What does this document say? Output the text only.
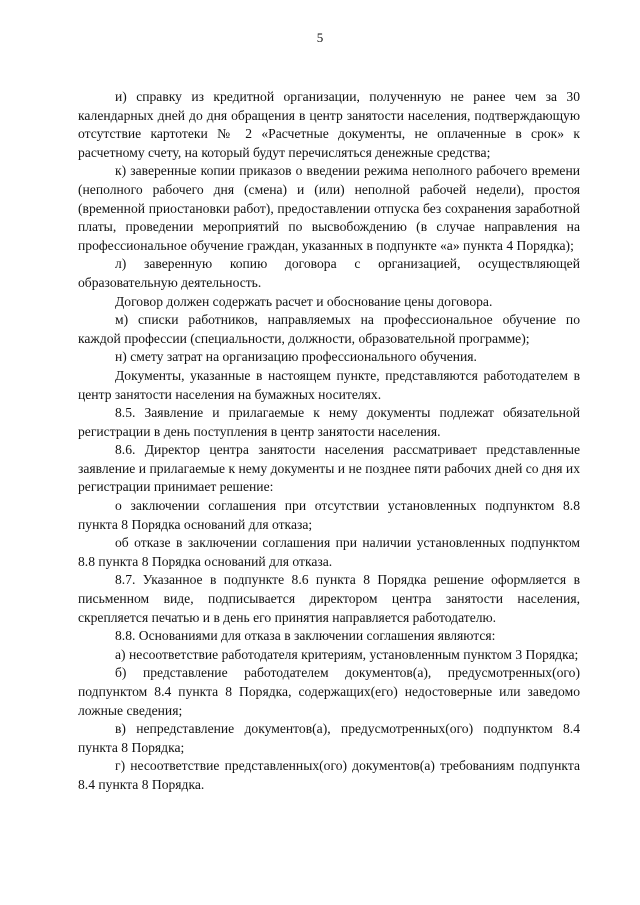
5

и) справку из кредитной организации, полученную не ранее чем за 30 календарных дней до дня обращения в центр занятости населения, подтверждающую отсутствие картотеки № 2 «Расчетные документы, не оплаченные в срок» к расчетному счету, на который будут перечисляться денежные средства;

к) заверенные копии приказов о введении режима неполного рабочего времени (неполного рабочего дня (смена) и (или) неполной рабочей недели), простоя (временной приостановки работ), предоставлении отпуска без сохранения заработной платы, проведении мероприятий по высвобождению (в случае направления на профессиональное обучение граждан, указанных в подпункте «а» пункта 4 Порядка);

л) заверенную копию договора с организацией, осуществляющей образовательную деятельность.

Договор должен содержать расчет и обоснование цены договора.

м) списки работников, направляемых на профессиональное обучение по каждой профессии (специальности, должности, образовательной программе);

н) смету затрат на организацию профессионального обучения.

Документы, указанные в настоящем пункте, представляются работодателем в центр занятости населения на бумажных носителях.

8.5. Заявление и прилагаемые к нему документы подлежат обязательной регистрации в день поступления в центр занятости населения.

8.6. Директор центра занятости населения рассматривает представленные заявление и прилагаемые к нему документы и не позднее пяти рабочих дней со дня их регистрации принимает решение:

о заключении соглашения при отсутствии установленных подпунктом 8.8 пункта 8 Порядка оснований для отказа;

об отказе в заключении соглашения при наличии установленных подпунктом 8.8 пункта 8 Порядка оснований для отказа.

8.7. Указанное в подпункте 8.6 пункта 8 Порядка решение оформляется в письменном виде, подписывается директором центра занятости населения, скрепляется печатью и в день его принятия направляется работодателю.

8.8. Основаниями для отказа в заключении соглашения являются:

а) несоответствие работодателя критериям, установленным пунктом 3 Порядка;

б) представление работодателем документов(а), предусмотренных(ого) подпунктом 8.4 пункта 8 Порядка, содержащих(его) недостоверные или заведомо ложные сведения;

в) непредставление документов(а), предусмотренных(ого) подпунктом 8.4 пункта 8 Порядка;

г) несоответствие представленных(ого) документов(а) требованиям подпункта 8.4 пункта 8 Порядка.
